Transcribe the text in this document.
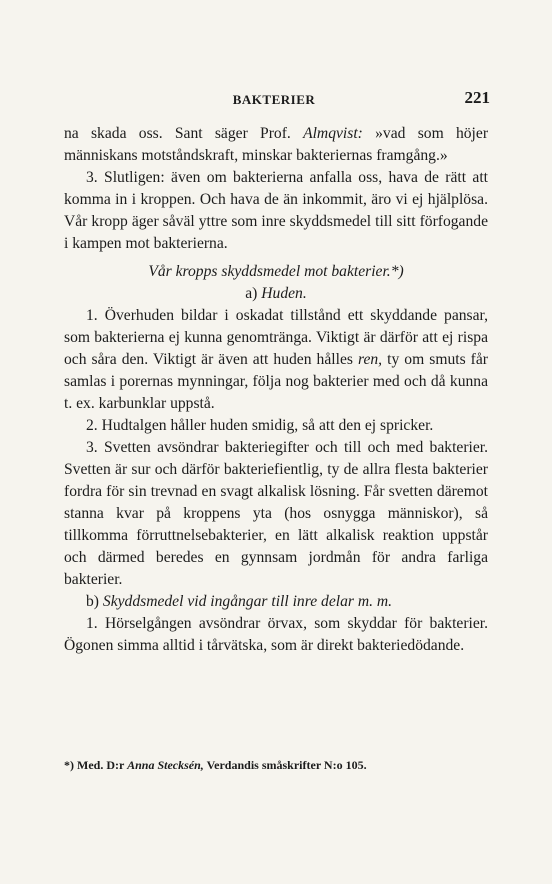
BAKTERIER	221

na skada oss. Sant säger Prof. Almqvist: »vad som höjer människans motståndskraft, minskar bakteriernas framgång.»

3. Slutligen: även om bakterierna anfalla oss, hava de rätt att komma in i kroppen. Och hava de än inkommit, äro vi ej hjälplösa. Vår kropp äger såväl yttre som inre skyddsmedel till sitt förfogande i kampen mot bakterierna.

Vår kropps skyddsmedel mot bakterier.*)

a) Huden.

1. Överhuden bildar i oskadat tillstånd ett skyddande pansar, som bakterierna ej kunna genomtränga. Viktigt är därför att ej rispa och såra den. Viktigt är även att huden hålles ren, ty om smuts får samlas i porernas mynningar, följa nog bakterier med och då kunna t. ex. karbunklar uppstå.

2. Hudtalgen håller huden smidig, så att den ej spricker.

3. Svetten avsöndrar bakteriegifter och till och med bakterier. Svetten är sur och därför bakteriefientlig, ty de allra flesta bakterier fordra för sin trevnad en svagt alkalisk lösning. Får svetten däremot stanna kvar på kroppens yta (hos osnygga människor), så tillkomma förruttnelsebakterier, en lätt alkalisk reaktion uppstår och därmed beredes en gynnsam jordmån för andra farliga bakterier.

b) Skyddsmedel vid ingångar till inre delar m. m.

1. Hörselgången avsöndrar örvax, som skyddar för bakterier. Ögonen simma alltid i tårvätska, som är direkt bakteriedödande.

*) Med. D:r Anna Stecksén, Verdandis småskrifter N:o 105.
